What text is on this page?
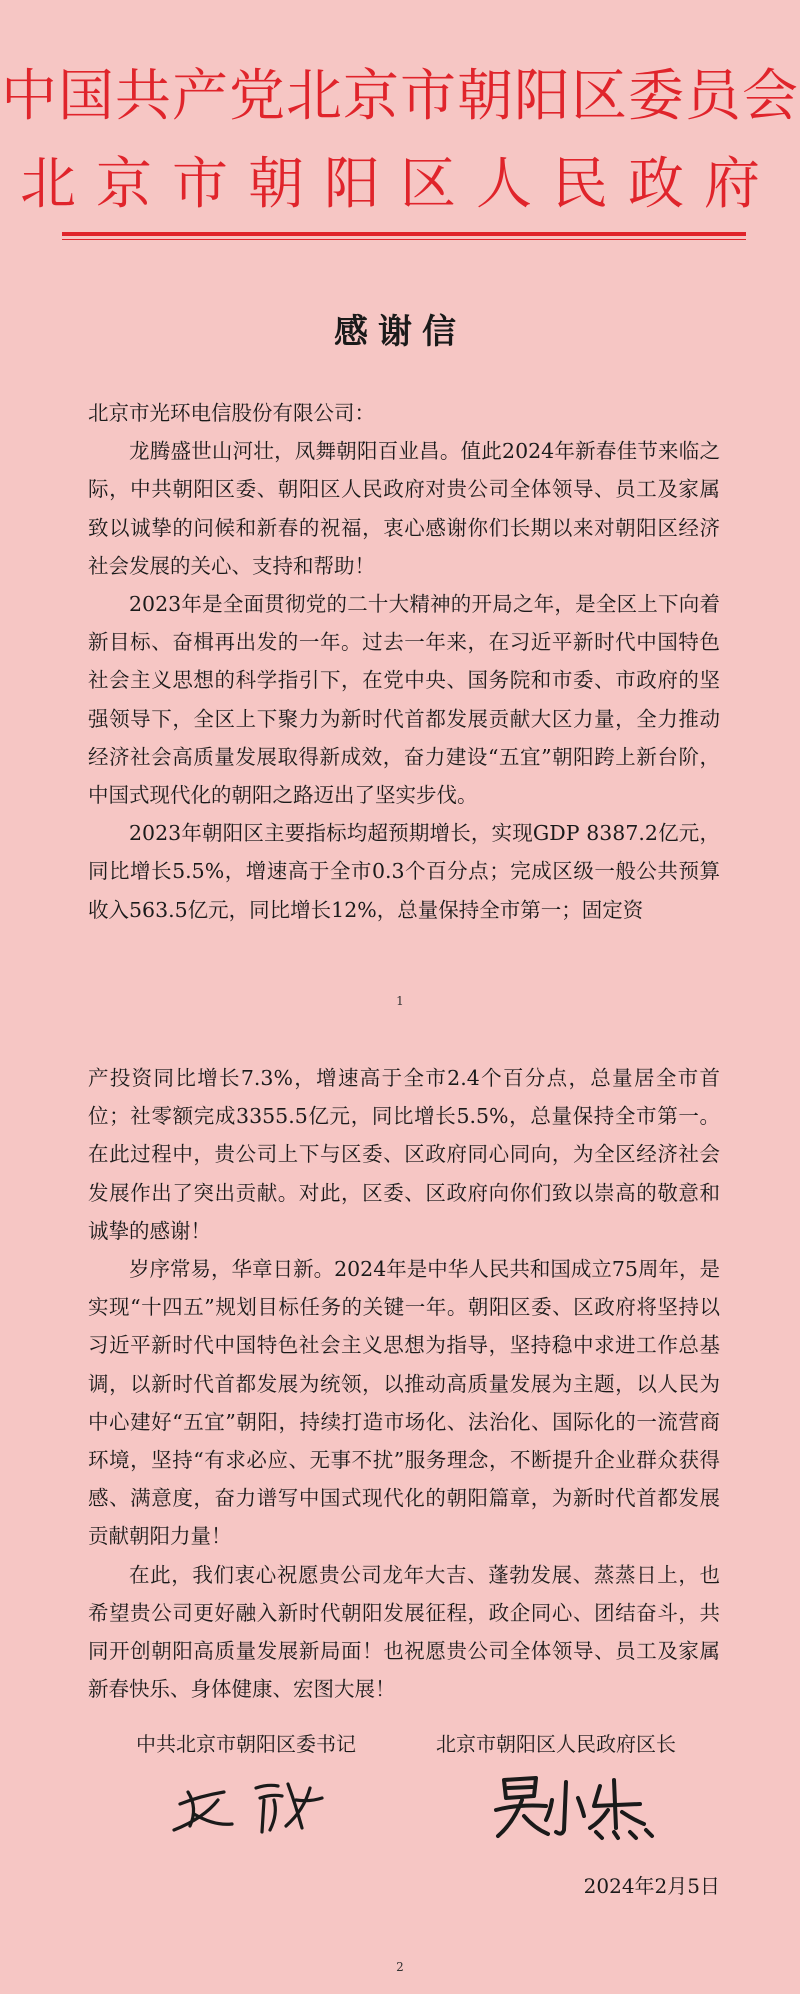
中国共产党北京市朝阳区委员会
北京市朝阳区人民政府
感谢信

北京市光环电信股份有限公司：

龙腾盛世山河壮，凤舞朝阳百业昌。值此2024年新春佳节来临之际，中共朝阳区委、朝阳区人民政府对贵公司全体领导、员工及家属致以诚挚的问候和新春的祝福，衷心感谢你们长期以来对朝阳区经济社会发展的关心、支持和帮助！

2023年是全面贯彻党的二十大精神的开局之年，是全区上下向着新目标、奋楫再出发的一年。过去一年来，在习近平新时代中国特色社会主义思想的科学指引下，在党中央、国务院和市委、市政府的坚强领导下，全区上下聚力为新时代首都发展贡献大区力量，全力推动经济社会高质量发展取得新成效，奋力建设“五宜”朝阳跨上新台阶，中国式现代化的朝阳之路迈出了坚实步伐。

2023年朝阳区主要指标均超预期增长，实现GDP 8387.2亿元，同比增长5.5%，增速高于全市0.3个百分点；完成区级一般公共预算收入563.5亿元，同比增长12%，总量保持全市第一；固定资

1

产投资同比增长7.3%，增速高于全市2.4个百分点，总量居全市首位；社零额完成3355.5亿元，同比增长5.5%，总量保持全市第一。在此过程中，贵公司上下与区委、区政府同心同向，为全区经济社会发展作出了突出贡献。对此，区委、区政府向你们致以崇高的敬意和诚挚的感谢！

岁序常易，华章日新。2024年是中华人民共和国成立75周年，是实现“十四五”规划目标任务的关键一年。朝阳区委、区政府将坚持以习近平新时代中国特色社会主义思想为指导，坚持稳中求进工作总基调，以新时代首都发展为统领，以推动高质量发展为主题，以人民为中心建好“五宜”朝阳，持续打造市场化、法治化、国际化的一流营商环境，坚持“有求必应、无事不扰”服务理念，不断提升企业群众获得感、满意度，奋力谱写中国式现代化的朝阳篇章，为新时代首都发展贡献朝阳力量！

在此，我们衷心祝愿贵公司龙年大吉、蓬勃发展、蒸蒸日上，也希望贵公司更好融入新时代朝阳发展征程，政企同心、团结奋斗，共同开创朝阳高质量发展新局面！也祝愿贵公司全体领导、员工及家属新春快乐、身体健康、宏图大展！

中共北京市朝阳区委书记	北京市朝阳区人民政府区长
2024年2月5日
2
